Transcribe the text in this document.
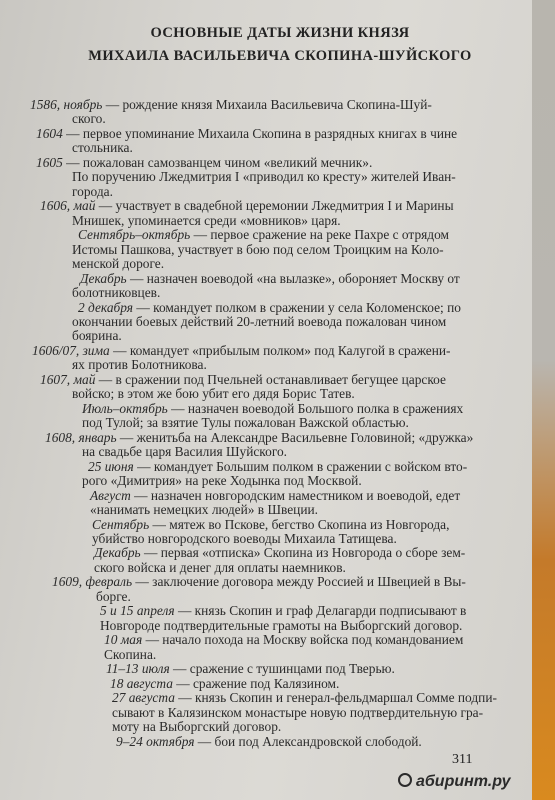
ОСНОВНЫЕ ДАТЫ ЖИЗНИ КНЯЗЯ
МИХАИЛА ВАСИЛЬЕВИЧА СКОПИНА-ШУЙСКОГО
1586, ноябрь — рождение князя Михаила Васильевича Скопина-Шуй-
ского.
1604 — первое упоминание Михаила Скопина в разрядных книгах в чине
стольника.
1605 — пожалован самозванцем чином «великий мечник».
По поручению Лжедмитрия I «приводил ко кресту» жителей Иван-
города.
1606, май — участвует в свадебной церемонии Лжедмитрия I и Марины
Мнишек, упоминается среди «мовников» царя.
Сентябрь–октябрь — первое сражение на реке Пахре с отрядом
Истомы Пашкова, участвует в бою под селом Троицким на Коло-
менской дороге.
Декабрь — назначен воеводой «на вылазке», обороняет Москву от
болотниковцев.
2 декабря — командует полком в сражении у села Коломенское; по
окончании боевых действий 20-летний воевода пожалован чином
боярина.
1606/07, зима — командует «прибылым полком» под Калугой в сражени-
ях против Болотникова.
1607, май — в сражении под Пчельней останавливает бегущее царское
войско; в этом же бою убит его дядя Борис Татев.
Июль–октябрь — назначен воеводой Большого полка в сражениях
под Тулой; за взятие Тулы пожалован Важской областью.
1608, январь — женитьба на Александре Васильевне Головиной; «дружка»
на свадьбе царя Василия Шуйского.
25 июня — командует Большим полком в сражении с войском вто-
рого «Димитрия» на реке Ходынка под Москвой.
Август — назначен новгородским наместником и воеводой, едет
«нанимать немецких людей» в Швеции.
Сентябрь — мятеж во Пскове, бегство Скопина из Новгорода,
убийство новгородского воеводы Михаила Татищева.
Декабрь — первая «отписка» Скопина из Новгорода о сборе зем-
ского войска и денег для оплаты наемников.
1609, февраль — заключение договора между Россией и Швецией в Вы-
борге.
5 и 15 апреля — князь Скопин и граф Делагарди подписывают в
Новгороде подтвердительные грамоты на Выборгский договор.
10 мая — начало похода на Москву войска под командованием
Скопина.
11–13 июля — сражение с тушинцами под Тверью.
18 августа — сражение под Калязином.
27 августа — князь Скопин и генерал-фельдмаршал Сомме подпи-
сывают в Калязинском монастыре новую подтвердительную гра-
моту на Выборгский договор.
9–24 октября — бои под Александровской слободой.
311
абиринт.ру
